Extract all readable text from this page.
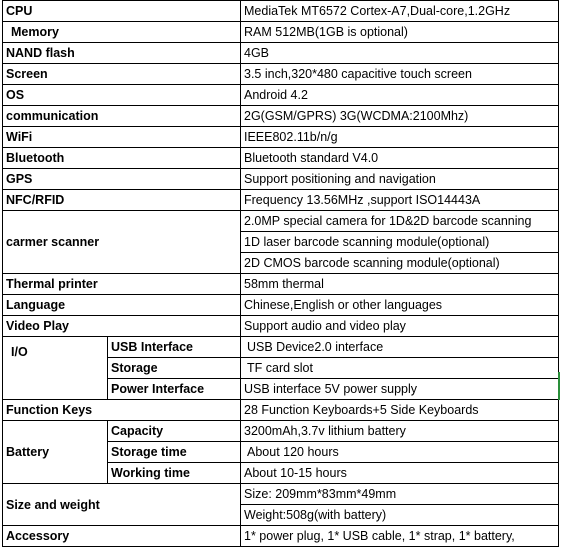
CPU		MediaTek MT6572 Cortex-A7,Dual-core,1.2GHz
Memory		RAM 512MB(1GB is optional)
NAND flash		4GB
Screen		3.5 inch,320*480 capacitive touch screen
OS		Android 4.2
communication		2G(GSM/GPRS) 3G(WCDMA:2100Mhz)
WiFi		IEEE802.11b/n/g
Bluetooth		Bluetooth standard V4.0
GPS		Support positioning and navigation
NFC/RFID		Frequency 13.56MHz ,support ISO14443A
carmer scanner		2.0MP special camera for 1D&2D barcode scanning
		1D laser barcode scanning module(optional)
		2D CMOS barcode scanning module(optional)
Thermal printer		58mm thermal
Language		Chinese,English or other languages
Video Play		Support audio and video play
I/O	USB Interface	USB Device2.0 interface
	Storage	TF card slot
	Power Interface	USB interface 5V power supply
Function Keys		28 Function Keyboards+5 Side Keyboards
Battery	Capacity	3200mAh,3.7v lithium battery
	Storage time	About 120 hours
	Working time	About 10-15 hours
Size and weight		Size: 209mm*83mm*49mm
		Weight:508g(with battery)
Accessory		1* power plug, 1* USB cable, 1* strap, 1* battery,
